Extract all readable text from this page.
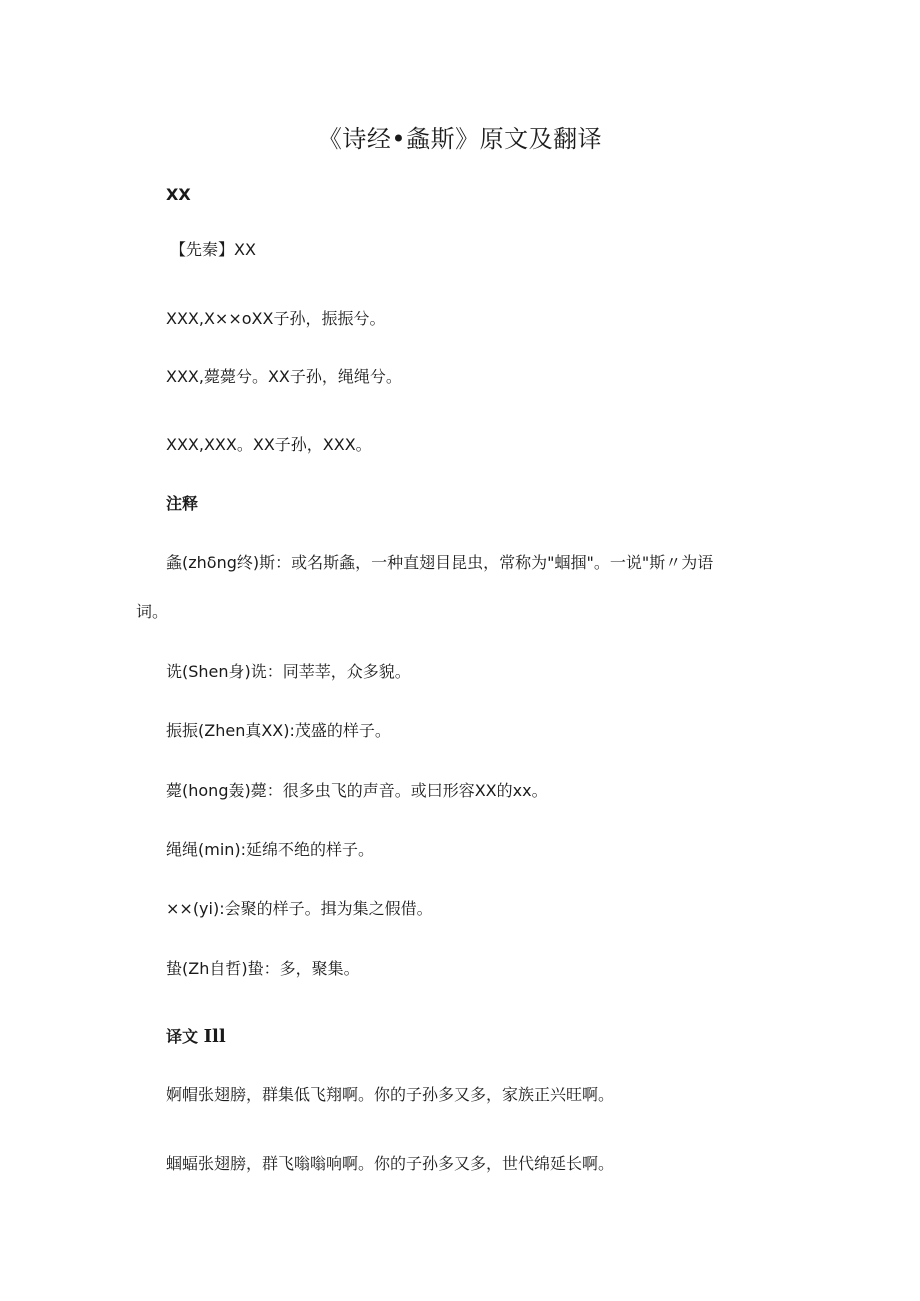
《诗经•螽斯》原文及翻译
XX
【先秦】XX
XXX,X××oXX子孙，振振兮。
XXX,薨薨兮。XX子孙，绳绳兮。
XXX,XXX。XX子孙，XXX。
注释
螽(zhδng终)斯：或名斯螽，一种直翅目昆虫，常称为"蝈掴"。一说"斯〃为语
词。
诜(Shen身)诜：同莘莘，众多貌。
振振(Zhen真XX):茂盛的样子。
薨(hong轰)薨：很多虫飞的声音。或曰形容XX的xx。
绳绳(min):延绵不绝的样子。
××(yi):会聚的样子。揖为集之假借。
蛰(Zh自哲)蛰：多，聚集。
译文 Ill
婀帽张翅膀，群集低飞翔啊。你的子孙多又多，家族正兴旺啊。
蝈蝠张翅膀，群飞嗡嗡响啊。你的子孙多又多，世代绵延长啊。
